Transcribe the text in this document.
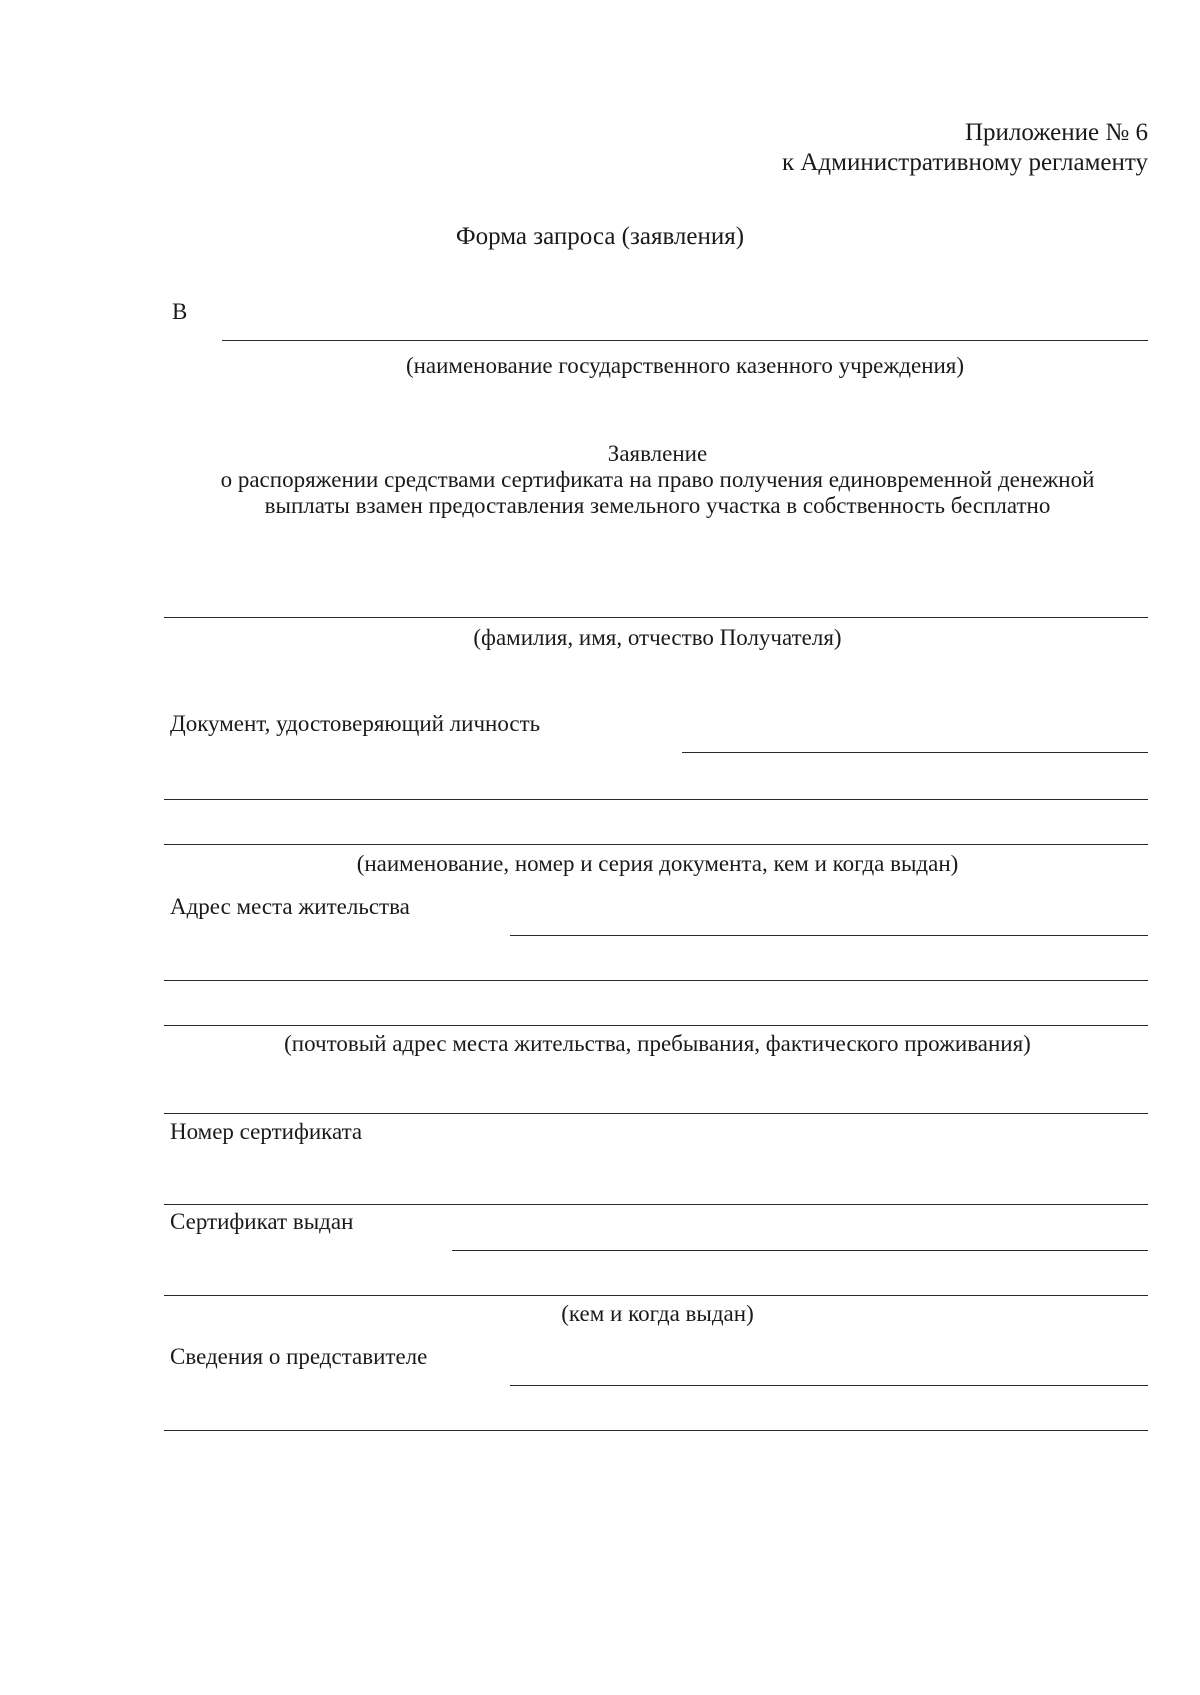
Приложение № 6
к Административному регламенту
Форма запроса (заявления)
В
(наименование государственного казенного учреждения)
Заявление
о распоряжении средствами сертификата на право получения единовременной денежной
выплаты взамен предоставления земельного участка в собственность бесплатно
(фамилия, имя, отчество Получателя)
Документ, удостоверяющий личность
(наименование, номер и серия документа, кем и когда выдан)
Адрес места жительства
(почтовый адрес места жительства, пребывания, фактического проживания)
Номер сертификата
Сертификат выдан
(кем и когда выдан)
Сведения о представителе
